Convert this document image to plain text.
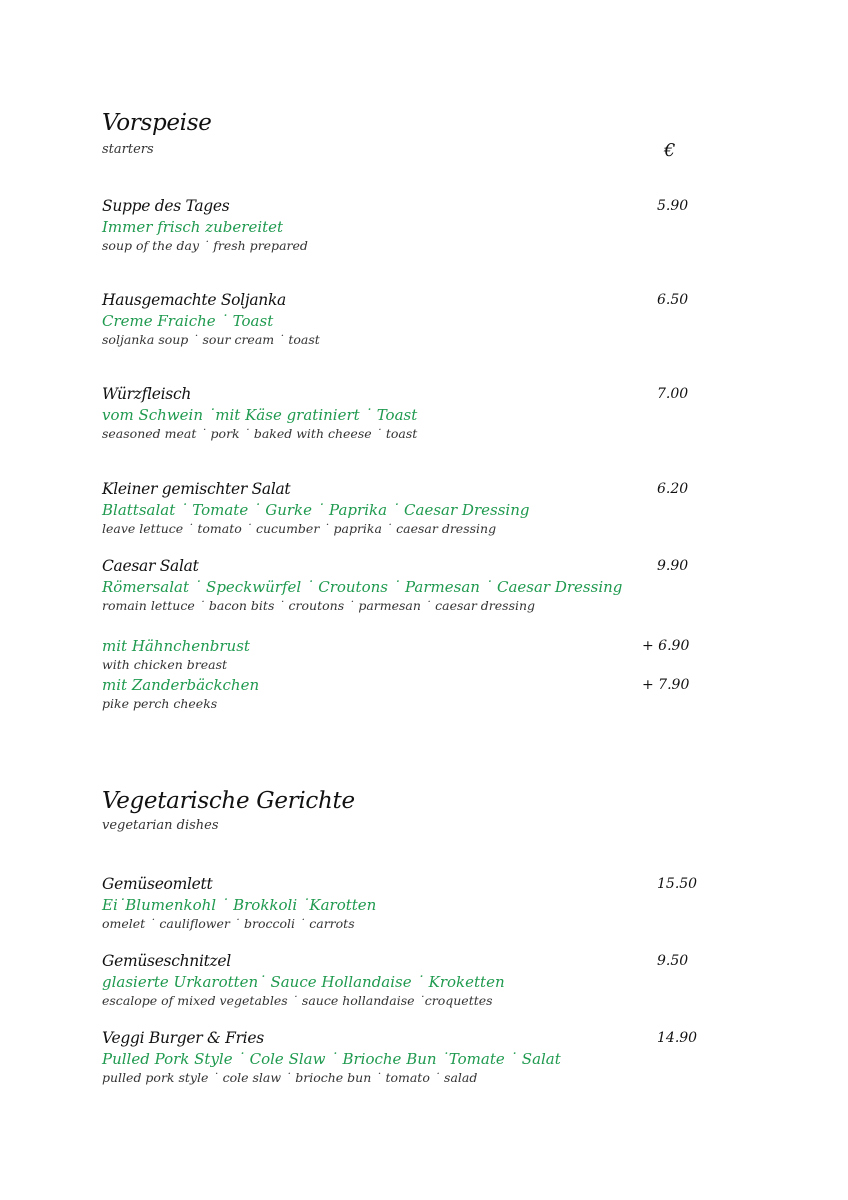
Vorspeise
starters	€
Suppe des Tages	5.90
Immer frisch zubereitet
soup of the day ˙ fresh prepared
Hausgemachte Soljanka	6.50
Creme Fraiche ˙ Toast
soljanka soup ˙ sour cream ˙ toast
Würzfleisch	7.00
vom Schwein ˙mit Käse gratiniert ˙ Toast
seasoned meat ˙ pork ˙ baked with cheese ˙ toast
Kleiner gemischter Salat	6.20
Blattsalat ˙ Tomate ˙ Gurke ˙ Paprika ˙ Caesar Dressing
leave lettuce ˙ tomato ˙ cucumber ˙ paprika ˙ caesar dressing
Caesar Salat	9.90
Römersalat ˙ Speckwürfel ˙ Croutons ˙ Parmesan ˙ Caesar Dressing
romain lettuce ˙ bacon bits ˙ croutons ˙ parmesan ˙ caesar dressing
mit Hähnchenbrust	+ 6.90
with chicken breast
mit Zanderbäckchen	+ 7.90
pike perch cheeks
Vegetarische Gerichte
vegetarian dishes
Gemüseomlett	15.50
Ei˙Blumenkohl ˙ Brokkoli ˙Karotten
omelet ˙ cauliflower ˙ broccoli ˙ carrots
Gemüseschnitzel	9.50
glasierte Urkarotten˙ Sauce Hollandaise ˙ Kroketten
escalope of mixed vegetables ˙ sauce hollandaise ˙croquettes
Veggi Burger & Fries	14.90
Pulled Pork Style ˙ Cole Slaw ˙ Brioche Bun ˙Tomate ˙ Salat
pulled pork style ˙ cole slaw ˙ brioche bun ˙ tomato ˙ salad
